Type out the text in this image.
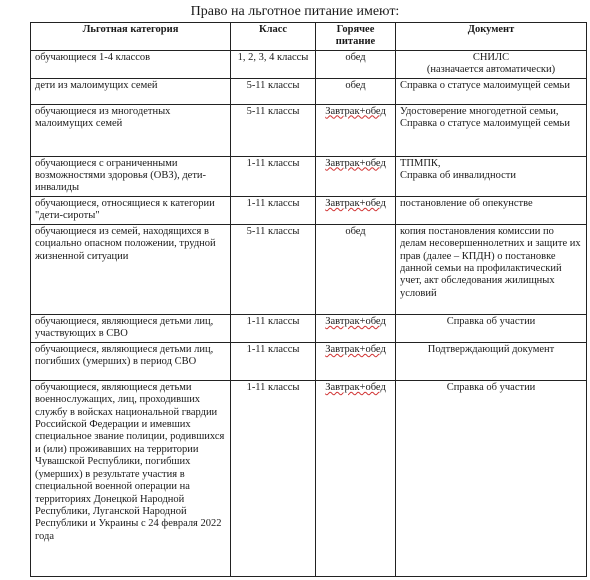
Право на льготное питание имеют:
Льготная категория	Класс	Горячее питание	Документ
обучающиеся 1-4 классов	1, 2, 3, 4 классы	обед	СНИЛС
(назначается автоматически)
дети из малоимущих семей	5-11 классы	обед	Справка о статусе малоимущей семьи
обучающиеся из многодетных малоимущих семей	5-11 классы	Завтрак+обед	Удостоверение многодетной семьи, Справка о статусе малоимущей семьи
обучающиеся с ограниченными возможностями здоровья (ОВЗ), дети-инвалиды	1-11 классы	Завтрак+обед	ТПМПК,
Справка об инвалидности
обучающиеся, относящиеся к категории "дети-сироты"	1-11 классы	Завтрак+обед	постановление об опекунстве
обучающиеся из семей, находящихся в социально опасном положении, трудной жизненной ситуации	5-11 классы	обед	копия постановления комиссии по делам несовершеннолетних и защите их прав (далее – КПДН) о постановке данной семьи на профилактический учет, акт обследования жилищных условий
обучающиеся, являющиеся детьми лиц, участвующих в СВО	1-11 классы	Завтрак+обед	Справка об участии
обучающиеся, являющиеся детьми лиц, погибших (умерших) в период СВО	1-11 классы	Завтрак+обед	Подтверждающий документ
обучающиеся, являющиеся детьми военнослужащих, лиц, проходивших службу в войсках национальной гвардии Российской Федерации и имевших специальное звание полиции, родившихся и (или) проживавших на территории Чувашской Республики, погибших (умерших) в результате участия в специальной военной операции на территориях Донецкой Народной Республики, Луганской Народной Республики и Украины с 24 февраля 2022 года	1-11 классы	Завтрак+обед	Справка об участии
